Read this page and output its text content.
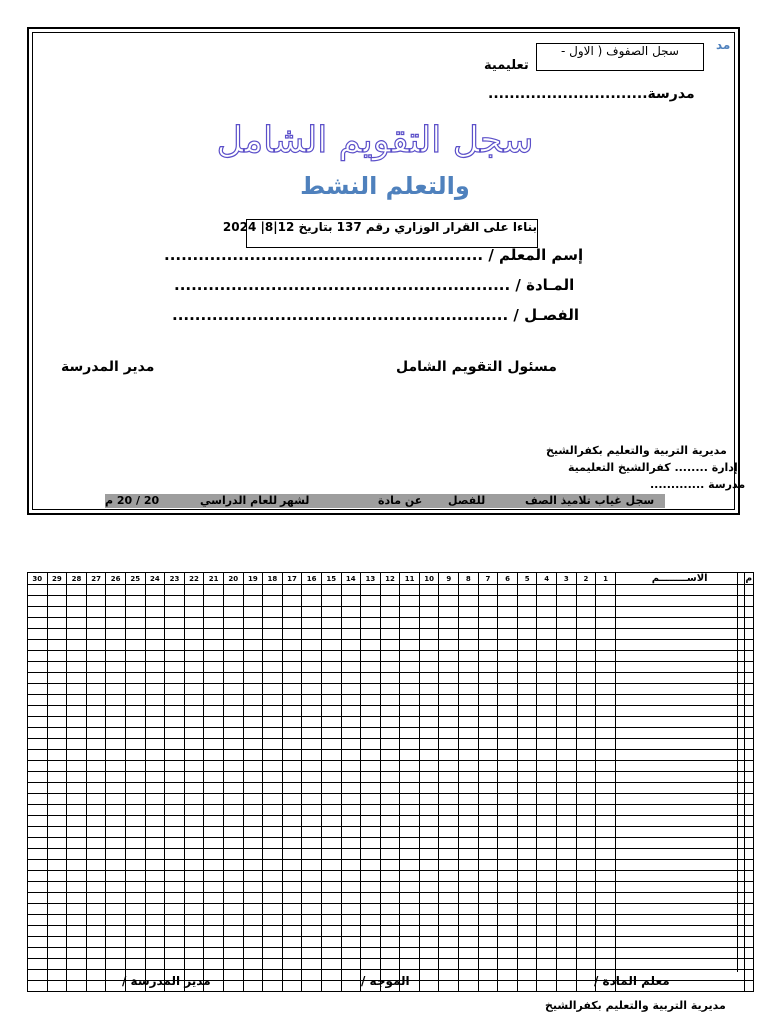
مد
تعليمية
مدرسة..............................
سجل الصفوف ( الاول -
سجل التقويم الشامل
والتعلم النشط
بناءا على القرار الوزاري رقم 137 بتاريخ 12|8| 2024
إسم المعلم / ........................................................
المـادة / ...........................................................
الفصـل / ...........................................................
مسئول التقويم الشامل
مدير المدرسة
مديرية التربية والتعليم بكفرالشيخ
إدارة ........ كفرالشيخ التعليمية
مدرسة .............
سجل غياب تلاميذ الصف
للفصل
عن مادة
لشهر
للعام الدراسي
20 / 20 م
30	29	28	27	26	25	24	23	22	21	20	19	18	17	16	15	14	13	12	11	10	9	8	7	6	5	4	3	2	1	الاســــــــم	م

معلم المادة /
الموجه /
مدير المدرسة /
مديرية التربية والتعليم بكفرالشيخ
